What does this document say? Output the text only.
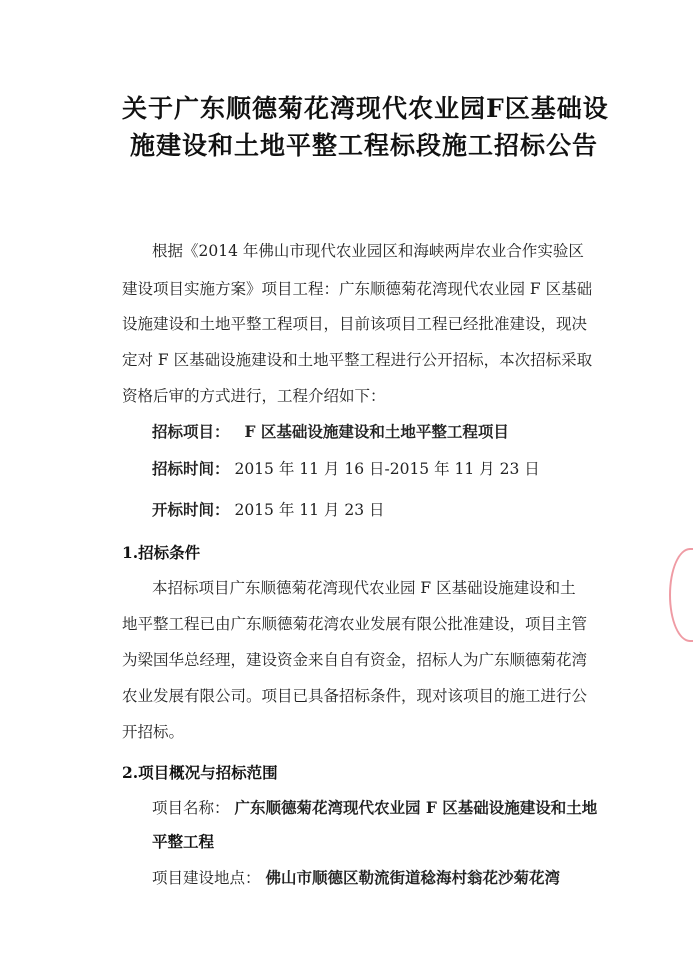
关于广东顺德菊花湾现代农业园F区基础设
施建设和土地平整工程标段施工招标公告
根据《2014 年佛山市现代农业园区和海峡两岸农业合作实验区
建设项目实施方案》项目工程：广东顺德菊花湾现代农业园 F 区基础
设施建设和土地平整工程项目，目前该项目工程已经批准建设，现决
定对 F 区基础设施建设和土地平整工程进行公开招标，本次招标采取
资格后审的方式进行，工程介绍如下：
招标项目： F 区基础设施建设和土地平整工程项目
招标时间： 2015 年 11 月 16 日-2015 年 11 月 23 日
开标时间： 2015 年 11 月 23 日
1.招标条件
本招标项目广东顺德菊花湾现代农业园 F 区基础设施建设和土
地平整工程已由广东顺德菊花湾农业发展有限公批准建设，项目主管
为梁国华总经理，建设资金来自自有资金，招标人为广东顺德菊花湾
农业发展有限公司。项目已具备招标条件，现对该项目的施工进行公
开招标。
2.项目概况与招标范围
项目名称： 广东顺德菊花湾现代农业园 F 区基础设施建设和土地
平整工程
项目建设地点： 佛山市顺德区勒流街道稔海村翁花沙菊花湾
